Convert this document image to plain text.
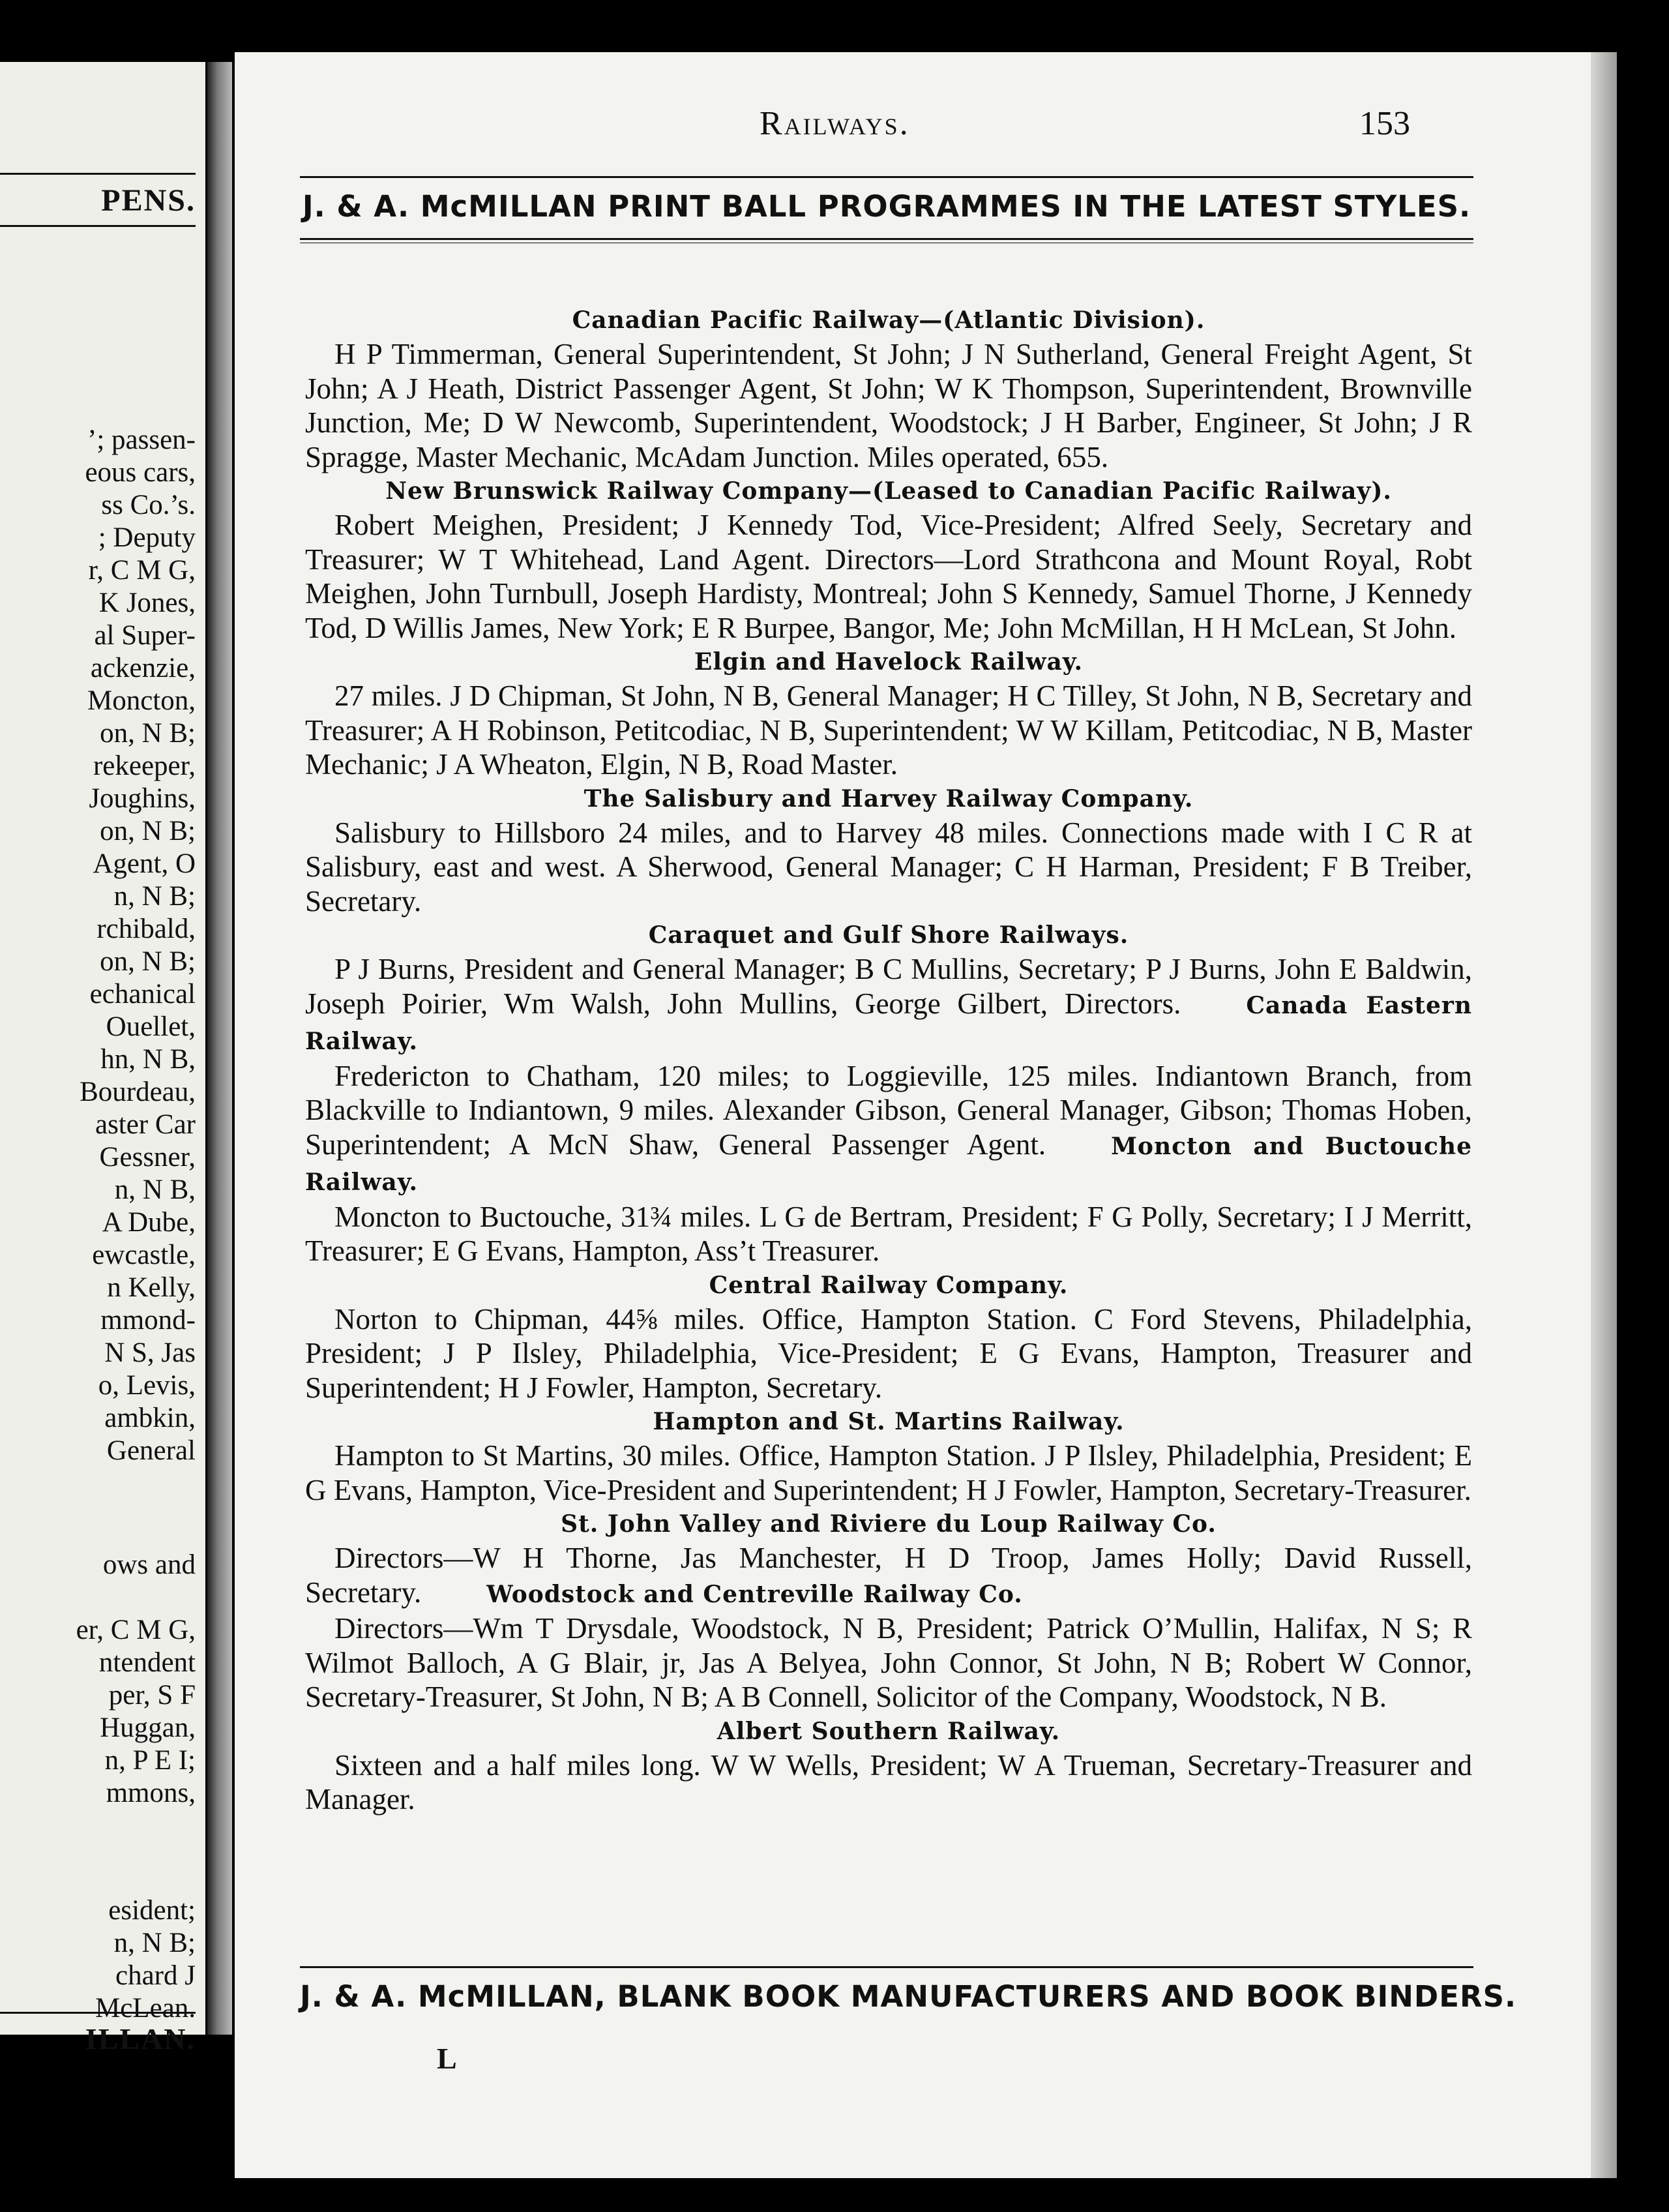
PENS.
’; passen-
eous cars,
ss Co.’s.
; Deputy
r, C M G,
K Jones,
al Super-
ackenzie,
Moncton,
on, N B;
rekeeper,
Joughins,
on, N B;
Agent, O
n, N B;
rchibald,
on, N B;
echanical
Ouellet,
hn, N B,
Bourdeau,
aster Car
Gessner,
n, N B,
A Dube,
ewcastle,
n Kelly,
mmond-
N S, Jas
o, Levis,
ambkin,
General
ows and
er, C M G,
ntendent
per, S F
Huggan,
n, P E I;
mmons,
esident;
n, N B;
chard J
McLean.
ILLAN.
Railways.	153
J. & A. McMILLAN PRINT BALL PROGRAMMES IN THE LATEST STYLES.
Canadian Pacific Railway—(Atlantic Division).

H P Timmerman, General Superintendent, St John; J N Sutherland, General Freight Agent, St John; A J Heath, District Passenger Agent, St John; W K Thompson, Superintendent, Brownville Junction, Me; D W Newcomb, Superintendent, Woodstock; J H Barber, Engineer, St John; J R Spragge, Master Mechanic, McAdam Junction. Miles operated, 655.

New Brunswick Railway Company—(Leased to Canadian Pacific Railway).

Robert Meighen, President; J Kennedy Tod, Vice-President; Alfred Seely, Secretary and Treasurer; W T Whitehead, Land Agent. Directors—Lord Strathcona and Mount Royal, Robt Meighen, John Turnbull, Joseph Hardisty, Montreal; John S Kennedy, Samuel Thorne, J Kennedy Tod, D Willis James, New York; E R Burpee, Bangor, Me; John McMillan, H H McLean, St John.

Elgin and Havelock Railway.

27 miles. J D Chipman, St John, N B, General Manager; H C Tilley, St John, N B, Secretary and Treasurer; A H Robinson, Petitcodiac, N B, Superintendent; W W Killam, Petitcodiac, N B, Master Mechanic; J A Wheaton, Elgin, N B, Road Master.

The Salisbury and Harvey Railway Company.

Salisbury to Hillsboro 24 miles, and to Harvey 48 miles. Connections made with I C R at Salisbury, east and west. A Sherwood, General Manager; C H Harman, President; F B Treiber, Secretary.

Caraquet and Gulf Shore Railways.

P J Burns, President and General Manager; B C Mullins, Secretary; P J Burns, John E Baldwin, Joseph Poirier, Wm Walsh, John Mullins, George Gilbert, Directors.	Canada Eastern Railway.

Fredericton to Chatham, 120 miles; to Loggieville, 125 miles. Indiantown Branch, from Blackville to Indiantown, 9 miles. Alexander Gibson, General Manager, Gibson; Thomas Hoben, Superintendent; A McN Shaw, General Passenger Agent.	Moncton and Buctouche Railway.

Moncton to Buctouche, 31¾ miles. L G de Bertram, President; F G Polly, Secretary; I J Merritt, Treasurer; E G Evans, Hampton, Ass’t Treasurer.

Central Railway Company.

Norton to Chipman, 44⅝ miles. Office, Hampton Station. C Ford Stevens, Philadelphia, President; J P Ilsley, Philadelphia, Vice-President; E G Evans, Hampton, Treasurer and Superintendent; H J Fowler, Hampton, Secretary.

Hampton and St. Martins Railway.

Hampton to St Martins, 30 miles. Office, Hampton Station. J P Ilsley, Philadelphia, President; E G Evans, Hampton, Vice-President and Superintendent; H J Fowler, Hampton, Secretary-Treasurer.

St. John Valley and Riviere du Loup Railway Co.

Directors—W H Thorne, Jas Manchester, H D Troop, James Holly; David Russell, Secretary.	Woodstock and Centreville Railway Co.

Directors—Wm T Drysdale, Woodstock, N B, President; Patrick O’Mullin, Halifax, N S; R Wilmot Balloch, A G Blair, jr, Jas A Belyea, John Connor, St John, N B; Robert W Connor, Secretary-Treasurer, St John, N B; A B Connell, Solicitor of the Company, Woodstock, N B.

Albert Southern Railway.

Sixteen and a half miles long. W W Wells, President; W A Trueman, Secretary-Treasurer and Manager.

J. & A. McMILLAN, BLANK BOOK MANUFACTURERS AND BOOK BINDERS.
L
